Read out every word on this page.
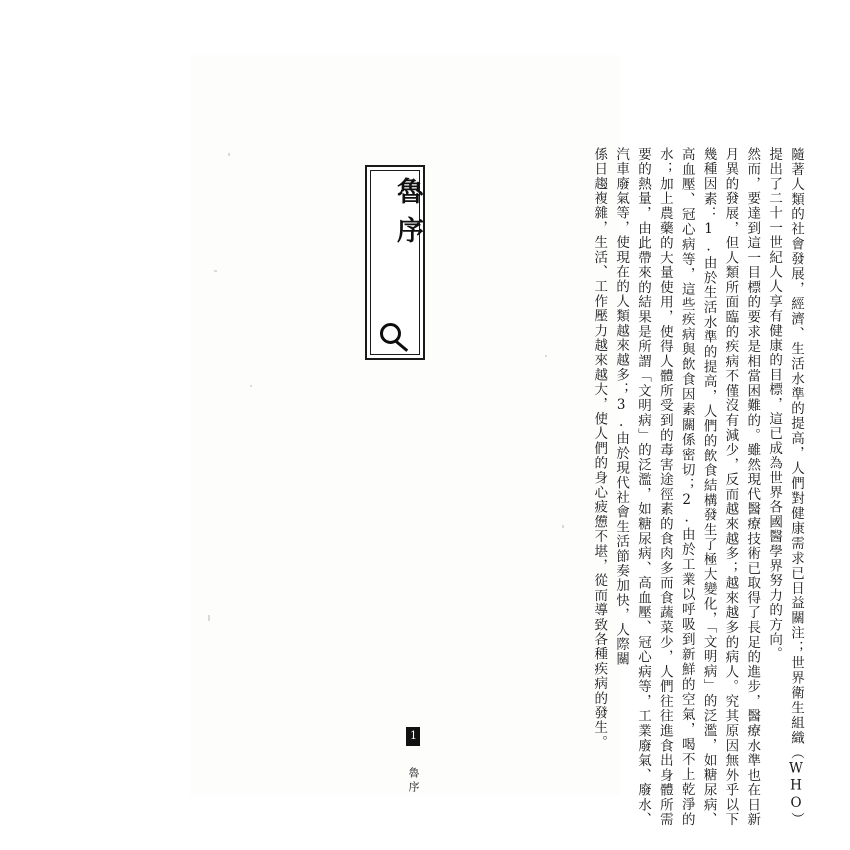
魯序	隨著人類的社會發展，經濟、生活水準的提高，人們對健康需求已日益關注；世界衛生組織（WHO）提出了二十一世紀人人享有健康的目標，這已成為世界各國醫學界努力的方向。

然而，要達到這一目標的要求是相當困難的。雖然現代醫療技術已取得了長足的進步，醫療水準也在日新月異的發展，但人類所面臨的疾病不僅沒有減少，反而越來越多；越來越多的病人。究其原因無外乎以下幾種因素：1.由於生活水準的提高，人們的飲食結構發生了極大變化，「文明病」的泛濫，如糖尿病、高血壓、冠心病等，這些疾病與飲食因素關係密切；2.由於工業以呼吸到新鮮的空氣，喝不上乾淨的水；加上農藥的大量使用，使得人體所受到的毒害途徑素的食肉多而食蔬菜少，人們往往進食出身體所需要的熱量，由此帶來的結果是所謂「文明病」的泛濫，如糖尿病、高血壓、冠心病等，工業廢氣、廢水、汽車廢氣等，使現在的人類越來越多；3.由於現代社會生活節奏加快，人際關

係日趨複雜，生活、工作壓力越來越大，使人們的身心疲憊不堪，從而導致各種疾病的發生。

1 魯序
